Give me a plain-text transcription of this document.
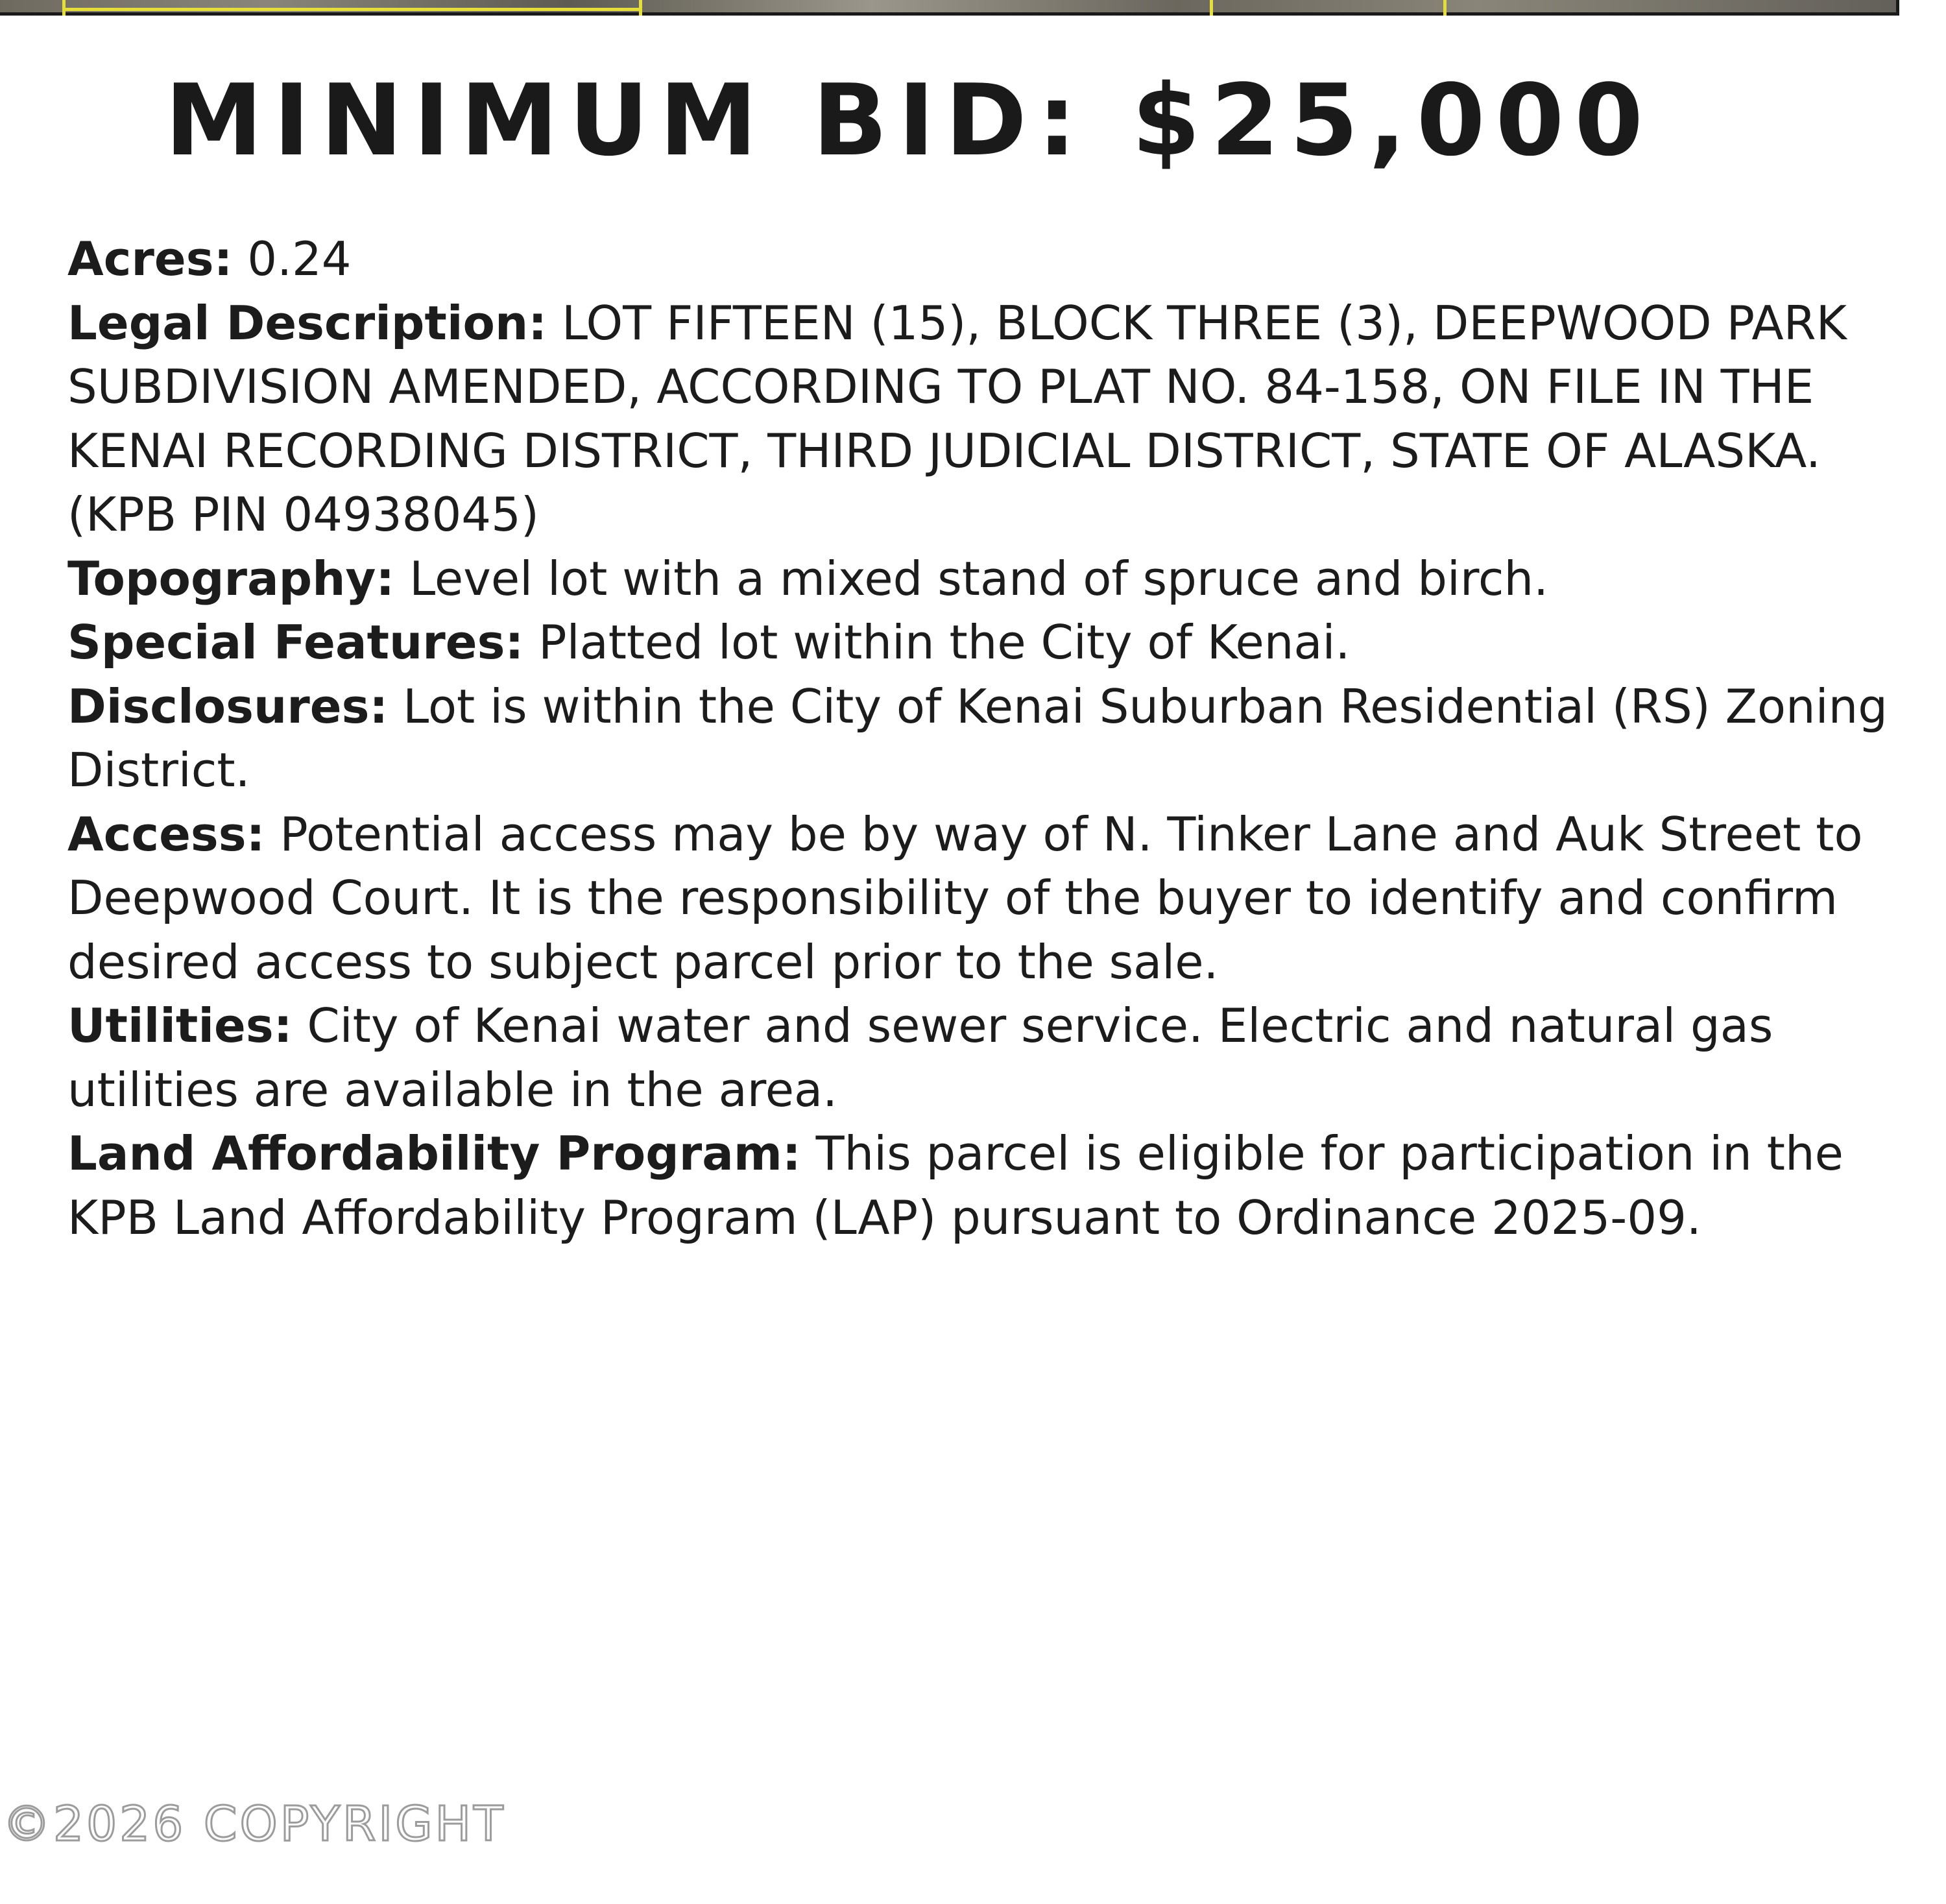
MINIMUM BID: $25,000

Acres: 0.24

Legal Description: LOT FIFTEEN (15), BLOCK THREE (3), DEEPWOOD PARK SUBDIVISION AMENDED, ACCORDING TO PLAT NO. 84-158, ON FILE IN THE KENAI RECORDING DISTRICT, THIRD JUDICIAL DISTRICT, STATE OF ALASKA. (KPB PIN 04938045)

Topography: Level lot with a mixed stand of spruce and birch.

Special Features: Platted lot within the City of Kenai.

Disclosures: Lot is within the City of Kenai Suburban Residential (RS) Zoning District.

Access: Potential access may be by way of N. Tinker Lane and Auk Street to Deepwood Court. It is the responsibility of the buyer to identify and confirm desired access to subject parcel prior to the sale.

Utilities: City of Kenai water and sewer service. Electric and natural gas utilities are available in the area.

Land Affordability Program: This parcel is eligible for participation in the KPB Land Affordability Program (LAP) pursuant to Ordinance 2025-09.

©2026 COPYRIGHT
